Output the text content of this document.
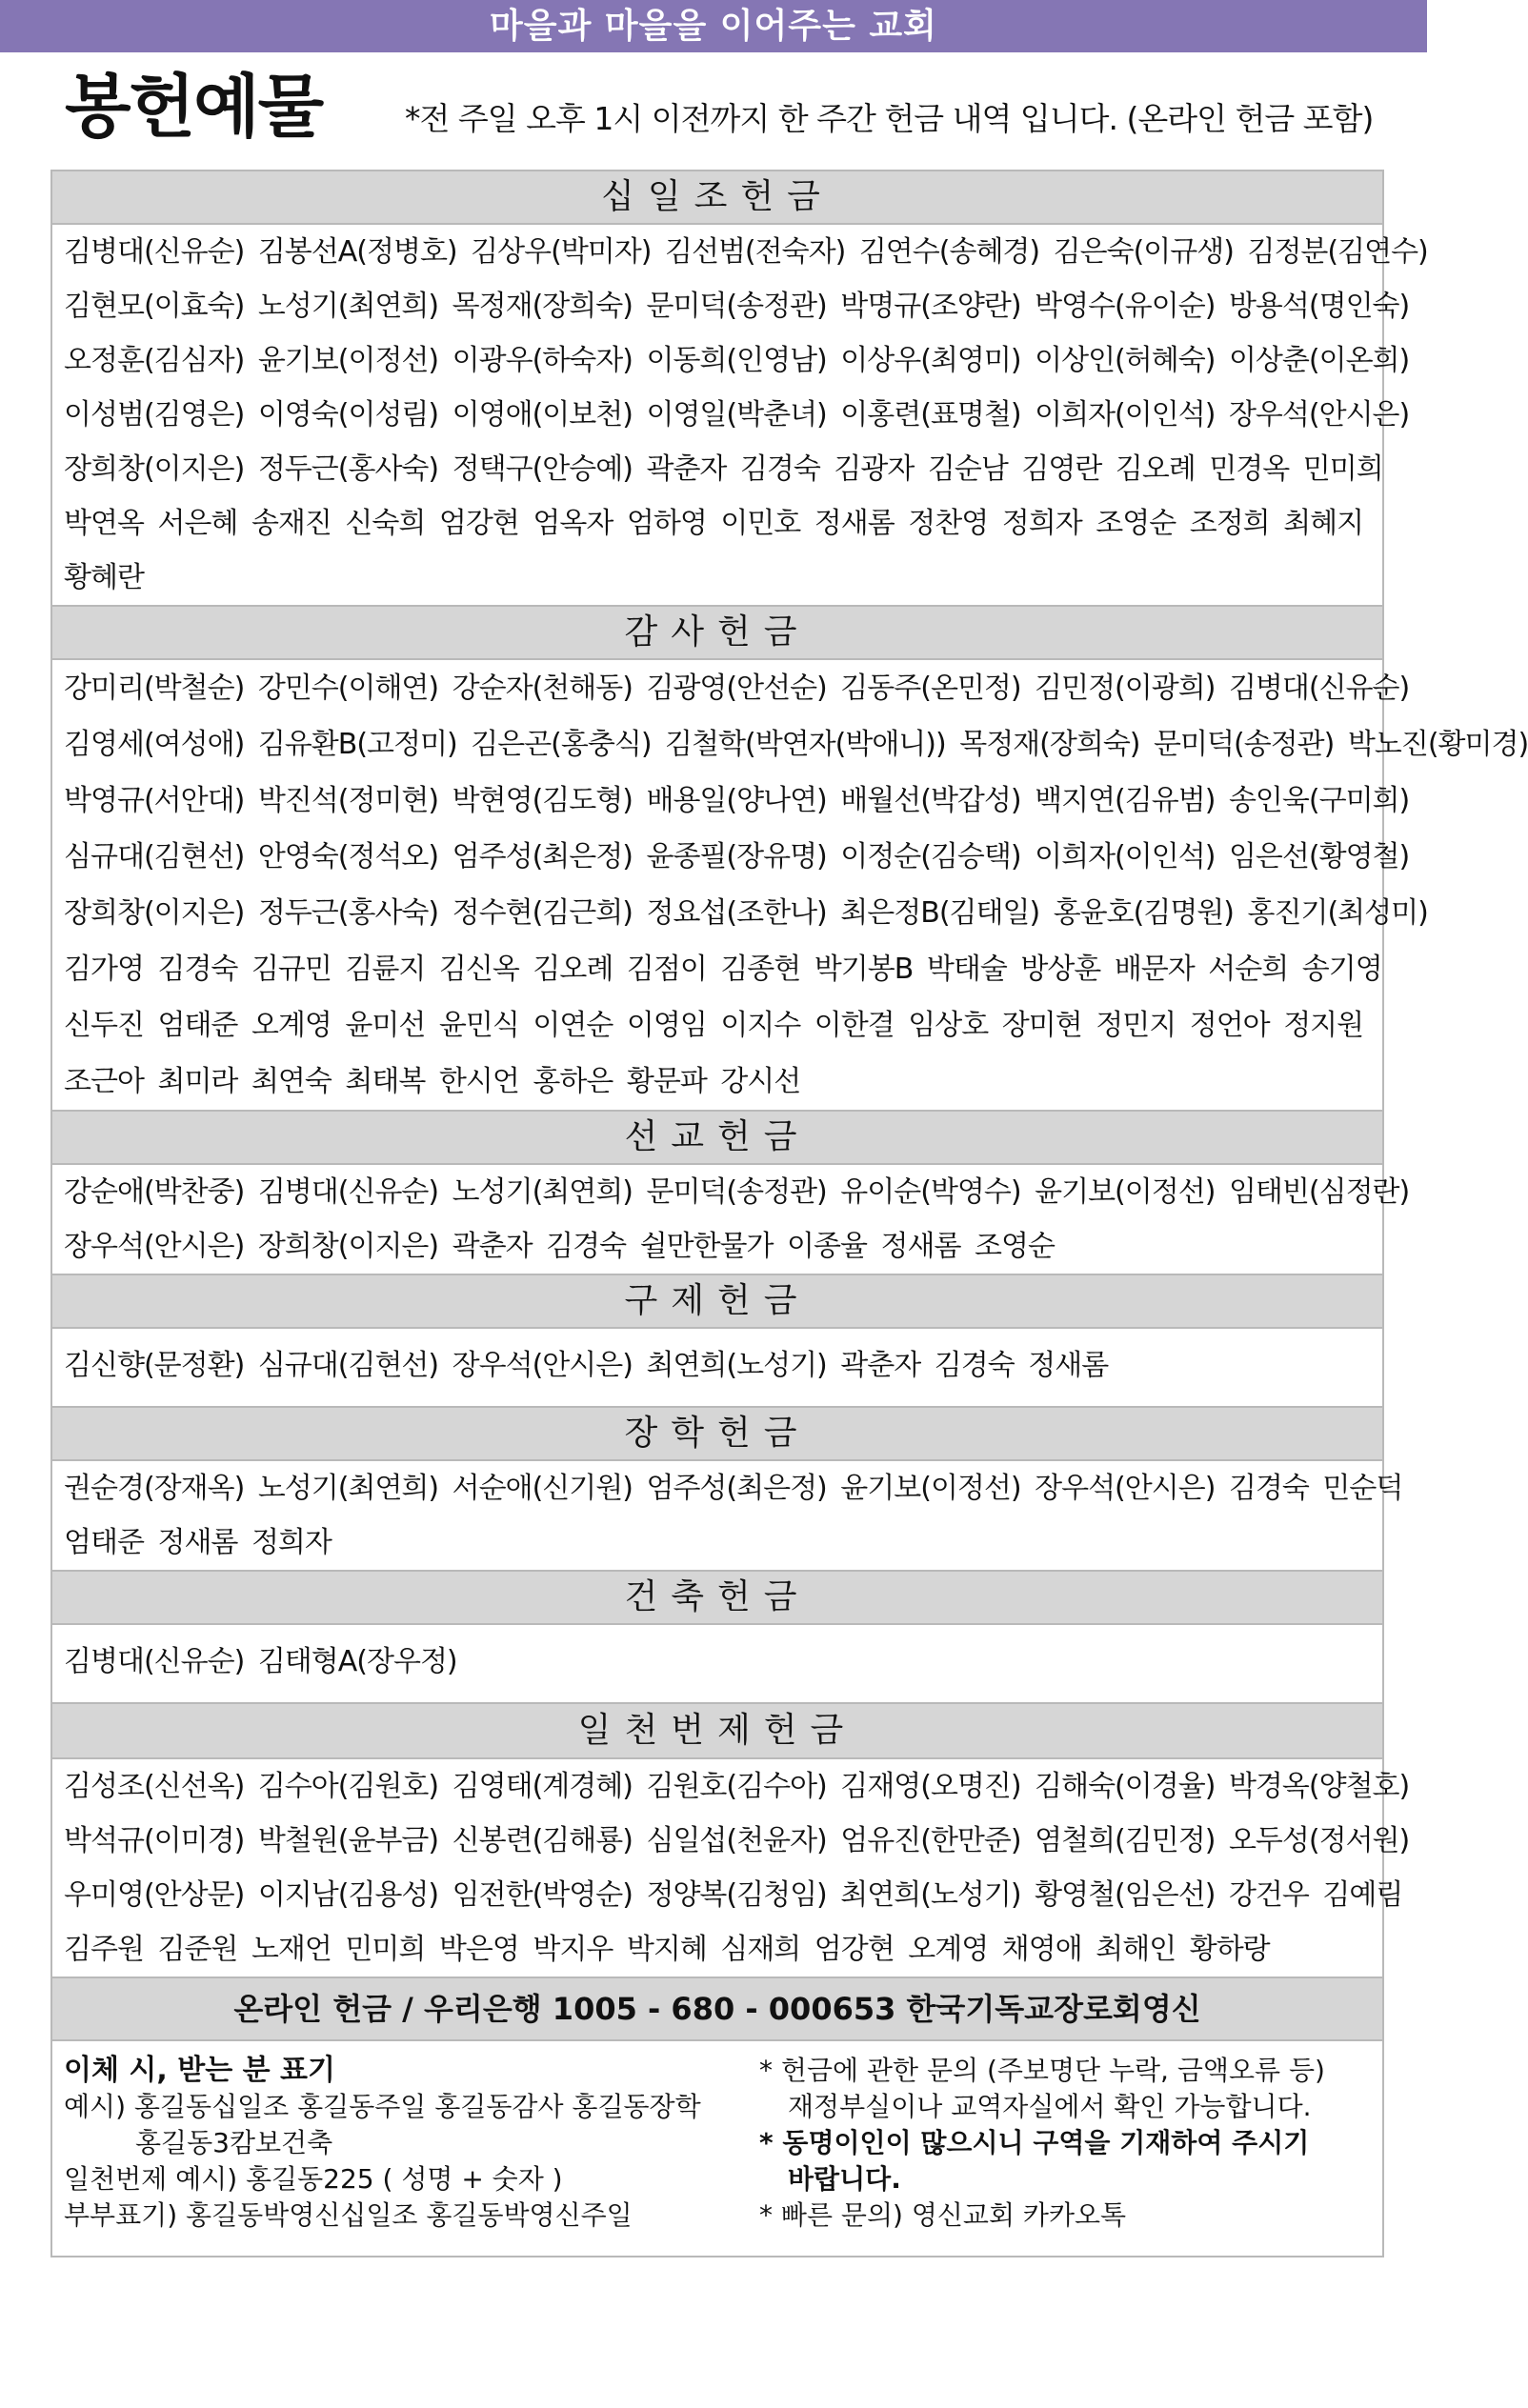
마을과 마을을 이어주는 교회
봉헌예물	*전 주일 오후 1시 이전까지 한 주간 헌금 내역 입니다. (온라인 헌금 포함)
십일조헌금
김병대(신유순) 김봉선A(정병호) 김상우(박미자) 김선범(전숙자) 김연수(송혜경) 김은숙(이규생) 김정분(김연수)
김현모(이효숙) 노성기(최연희) 목정재(장희숙) 문미덕(송정관) 박명규(조양란) 박영수(유이순) 방용석(명인숙)
오정훈(김심자) 윤기보(이정선) 이광우(하숙자) 이동희(인영남) 이상우(최영미) 이상인(허혜숙) 이상춘(이온희)
이성범(김영은) 이영숙(이성림) 이영애(이보천) 이영일(박춘녀) 이홍련(표명철) 이희자(이인석) 장우석(안시은)
장희창(이지은) 정두근(홍사숙) 정택구(안승예) 곽춘자 김경숙 김광자 김순남 김영란 김오례 민경옥 민미희
박연옥 서은혜 송재진 신숙희 엄강현 엄옥자 엄하영 이민호 정새롬 정찬영 정희자 조영순 조정희 최혜지
황혜란
감사헌금
강미리(박철순) 강민수(이해연) 강순자(천해동) 김광영(안선순) 김동주(온민정) 김민정(이광희) 김병대(신유순)
김영세(여성애) 김유환B(고정미) 김은곤(홍충식) 김철학(박연자(박애니)) 목정재(장희숙) 문미덕(송정관) 박노진(황미경)
박영규(서안대) 박진석(정미현) 박현영(김도형) 배용일(양나연) 배월선(박갑성) 백지연(김유범) 송인욱(구미희)
심규대(김현선) 안영숙(정석오) 엄주성(최은정) 윤종필(장유명) 이정순(김승택) 이희자(이인석) 임은선(황영철)
장희창(이지은) 정두근(홍사숙) 정수현(김근희) 정요섭(조한나) 최은정B(김태일) 홍윤호(김명원) 홍진기(최성미)
김가영 김경숙 김규민 김륜지 김신옥 김오례 김점이 김종현 박기봉B 박태술 방상훈 배문자 서순희 송기영
신두진 엄태준 오계영 윤미선 윤민식 이연순 이영임 이지수 이한결 임상호 장미현 정민지 정언아 정지원
조근아 최미라 최연숙 최태복 한시언 홍하은 황문파 강시선
선교헌금
강순애(박찬중) 김병대(신유순) 노성기(최연희) 문미덕(송정관) 유이순(박영수) 윤기보(이정선) 임태빈(심정란)
장우석(안시은) 장희창(이지은) 곽춘자 김경숙 쉴만한물가 이종율 정새롬 조영순
구제헌금
김신향(문정환) 심규대(김현선) 장우석(안시은) 최연희(노성기) 곽춘자 김경숙 정새롬
장학헌금
권순경(장재옥) 노성기(최연희) 서순애(신기원) 엄주성(최은정) 윤기보(이정선) 장우석(안시은) 김경숙 민순덕
엄태준 정새롬 정희자
건축헌금
김병대(신유순) 김태형A(장우정)
일천번제헌금
김성조(신선옥) 김수아(김원호) 김영태(계경혜) 김원호(김수아) 김재영(오명진) 김해숙(이경율) 박경옥(양철호)
박석규(이미경) 박철원(윤부금) 신봉련(김해룡) 심일섭(천윤자) 엄유진(한만준) 염철희(김민정) 오두성(정서원)
우미영(안상문) 이지남(김용성) 임전한(박영순) 정양복(김청임) 최연희(노성기) 황영철(임은선) 강건우 김예림
김주원 김준원 노재언 민미희 박은영 박지우 박지혜 심재희 엄강현 오계영 채영애 최해인 황하랑
온라인 헌금 / 우리은행 1005 - 680 - 000653 한국기독교장로회영신
이체 시, 받는 분 표기
예시) 홍길동십일조 홍길동주일 홍길동감사 홍길동장학
홍길동3캄보건축
일천번제 예시) 홍길동225 ( 성명 + 숫자 )
부부표기) 홍길동박영신십일조 홍길동박영신주일
* 헌금에 관한 문의 (주보명단 누락, 금액오류 등)
재정부실이나 교역자실에서 확인 가능합니다.
* 동명이인이 많으시니 구역을 기재하여 주시기
바랍니다.
* 빠른 문의) 영신교회 카카오톡
